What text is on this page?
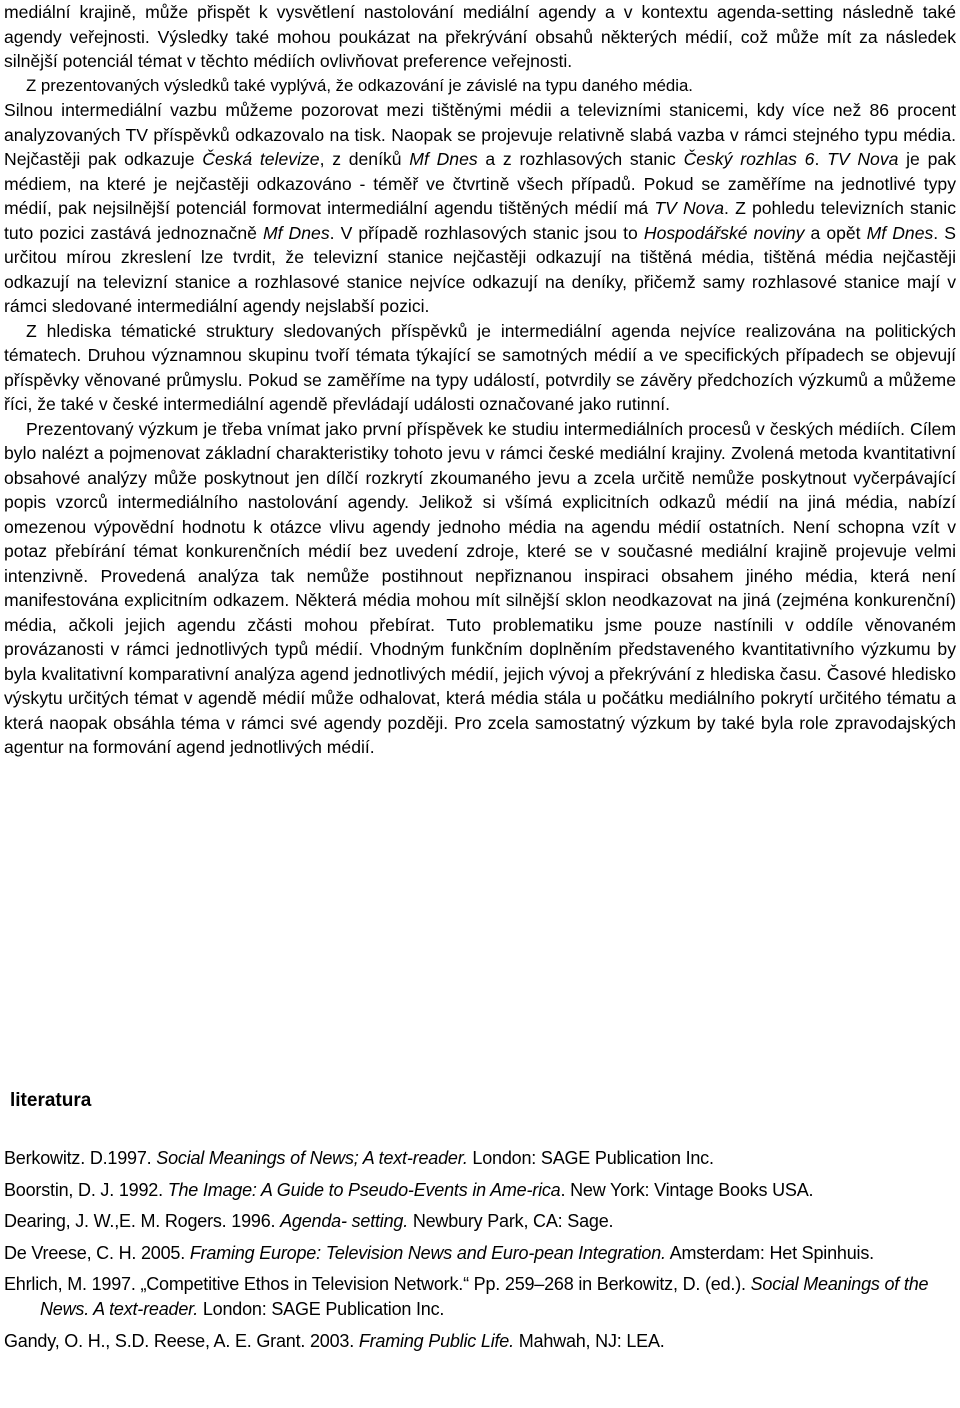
mediální krajině, může přispět k vysvětlení nastolování mediální agendy a v kontextu agenda-setting následně také agendy veřejnosti. Výsledky také mohou poukázat na překrývání obsahů některých médií, což může mít za následek silnější potenciál témat v těchto médiích ovlivňovat preference veřejnosti.

Z prezentovaných výsledků také vyplývá, že odkazování je závislé na typu daného média.

Silnou intermediální vazbu můžeme pozorovat mezi tištěnými médii a televizními stanicemi, kdy více než 86 procent analyzovaných TV příspěvků odkazovalo na tisk. Naopak se projevuje relativně slabá vazba v rámci stejného typu média. Nejčastěji pak odkazuje Česká televize, z deníků Mf Dnes a z rozhlasových stanic Český rozhlas 6. TV Nova je pak médiem, na které je nejčastěji odkazováno - téměř ve čtvrtině všech případů. Pokud se zaměříme na jednotlivé typy médií, pak nejsilnější potenciál formovat intermediální agendu tištěných médií má TV Nova. Z pohledu televizních stanic tuto pozici zastává jednoznačně Mf Dnes. V případě rozhlasových stanic jsou to Hospodářské noviny a opět Mf Dnes. S určitou mírou zkreslení lze tvrdit, že televizní stanice nejčastěji odkazují na tištěná média, tištěná média nejčastěji odkazují na televizní stanice a rozhlasové stanice nejvíce odkazují na deníky, přičemž samy rozhlasové stanice mají v rámci sledované intermediální agendy nejslabší pozici.

Z hlediska tématické struktury sledovaných příspěvků je intermediální agenda nejvíce realizována na politických tématech. Druhou významnou skupinu tvoří témata týkající se samotných médií a ve specifických případech se objevují příspěvky věnované průmyslu. Pokud se zaměříme na typy událostí, potvrdily se závěry předchozích výzkumů a můžeme říci, že také v české intermediální agendě převládají události označované jako rutinní.

Prezentovaný výzkum je třeba vnímat jako první příspěvek ke studiu intermediálních procesů v českých médiích. Cílem bylo nalézt a pojmenovat základní charakteristiky tohoto jevu v rámci české mediální krajiny. Zvolená metoda kvantitativní obsahové analýzy může poskytnout jen dílčí rozkrytí zkoumaného jevu a zcela určitě nemůže poskytnout vyčerpávající popis vzorců intermediálního nastolování agendy. Jelikož si všímá explicitních odkazů médií na jiná média, nabízí omezenou výpovědní hodnotu k otázce vlivu agendy jednoho média na agendu médií ostatních. Není schopna vzít v potaz přebírání témat konkurenčních médií bez uvedení zdroje, které se v současné mediální krajině projevuje velmi intenzivně. Provedená analýza tak nemůže postihnout nepřiznanou inspiraci obsahem jiného média, která není manifestována explicitním odkazem. Některá média mohou mít silnější sklon neodkazovat na jiná (zejména konkurenční) média, ačkoli jejich agendu zčásti mohou přebírat. Tuto problematiku jsme pouze nastínili v oddíle věnovaném provázanosti v rámci jednotlivých typů médií. Vhodným funkčním doplněním představeného kvantitativního výzkumu by byla kvalitativní komparativní analýza agend jednotlivých médií, jejich vývoj a překrývání z hlediska času. Časové hledisko výskytu určitých témat v agendě médií může odhalovat, která média stála u počátku mediálního pokrytí určitého tématu a která naopak obsáhla téma v rámci své agendy později. Pro zcela samostatný výzkum by také byla role zpravodajských agentur na formování agend jednotlivých médií.

literatura

Berkowitz. D.1997. Social Meanings of News; A text-reader. London: SAGE Publication Inc.

Boorstin, D. J. 1992. The Image: A Guide to Pseudo-Events in Ame-rica. New York: Vintage Books USA.

Dearing, J. W.,E. M. Rogers. 1996. Agenda- setting. Newbury Park, CA: Sage.

De Vreese, C. H. 2005. Framing Europe: Television News and Euro-pean Integration. Amsterdam: Het Spinhuis.

Ehrlich, M. 1997. „Competitive Ethos in Television Network.“ Pp. 259–268 in Berkowitz, D. (ed.). Social Meanings of the News. A text-reader. London: SAGE Publication Inc.

Gandy, O. H., S.D. Reese, A. E. Grant. 2003. Framing Public Life. Mahwah, NJ: LEA.
